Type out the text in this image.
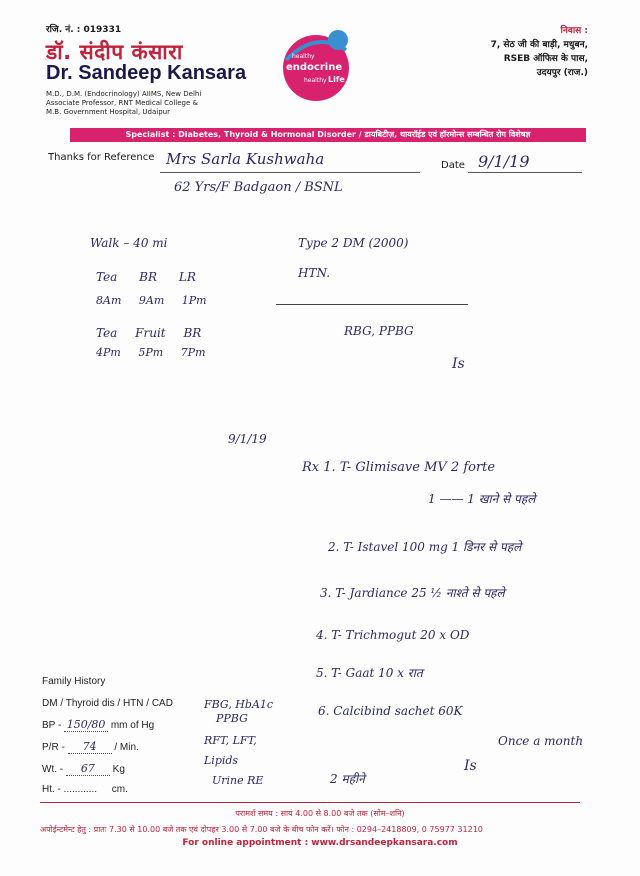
रजि. नं. : 019331
डॉ. संदीप कंसारा
Dr. Sandeep Kansara
M.D., D.M. (Endocrinology) AIIMS, New Delhi
Associate Professor, RNT Medical College &
M.B. Government Hospital, Udaipur
healthy
endocrine
healthy Life
निवास :
7, सेठ जी की बाड़ी, मधुबन,
RSEB ऑफिस के पास,
उदयपुर (राज.)
Specialist : Diabetes, Thyroid & Hormonal Disorder / डायबिटीज़, थायरॉईड एवं हॉरमोन्स सम्बन्धित रोग विशेषज्ञ
Thanks for Reference
Date
Mrs Sarla Kushwaha
62 Yrs/F Badgaon / BSNL
9/1/19
Walk – 40 mi
Tea BR LR
8Am 9Am 1Pm
Tea Fruit BR
4Pm 5Pm 7Pm
Type 2 DM (2000)
HTN.
RBG, PPBG
Is
9/1/19
Rx 1. T- Glimisave MV 2 forte
1 —— 1 खाने से पहले
2. T- Istavel 100 mg 1 डिनर से पहले
3. T- Jardiance 25 ½ नाश्ते से पहले
4. T- Trichmogut 20 x OD
5. T- Gaat 10 x रात
6. Calcibind sachet 60K
Once a month
FBG, HbA1c
PPBG
RFT, LFT,
Lipids
Urine RE	2 महीने
Is
Family History
DM / Thyroid dis / HTN / CAD
BP - 150/80 mm of Hg
P/R - 74 / Min.
Wt. - 67 Kg
Ht. - ............ cm.
परामर्श समय : सायं 4.00 से 8.00 बजे तक (सोम–शनि)
अपोईन्टमेन्ट हेतु : प्रातः 7.30 से 10.00 बजे तक एवं दोपहर 3.00 से 7.00 बजे के बीच फोन करें। फोन : 0294–2418809, 0 75977 31210
For online appointment : www.drsandeepkansara.com
